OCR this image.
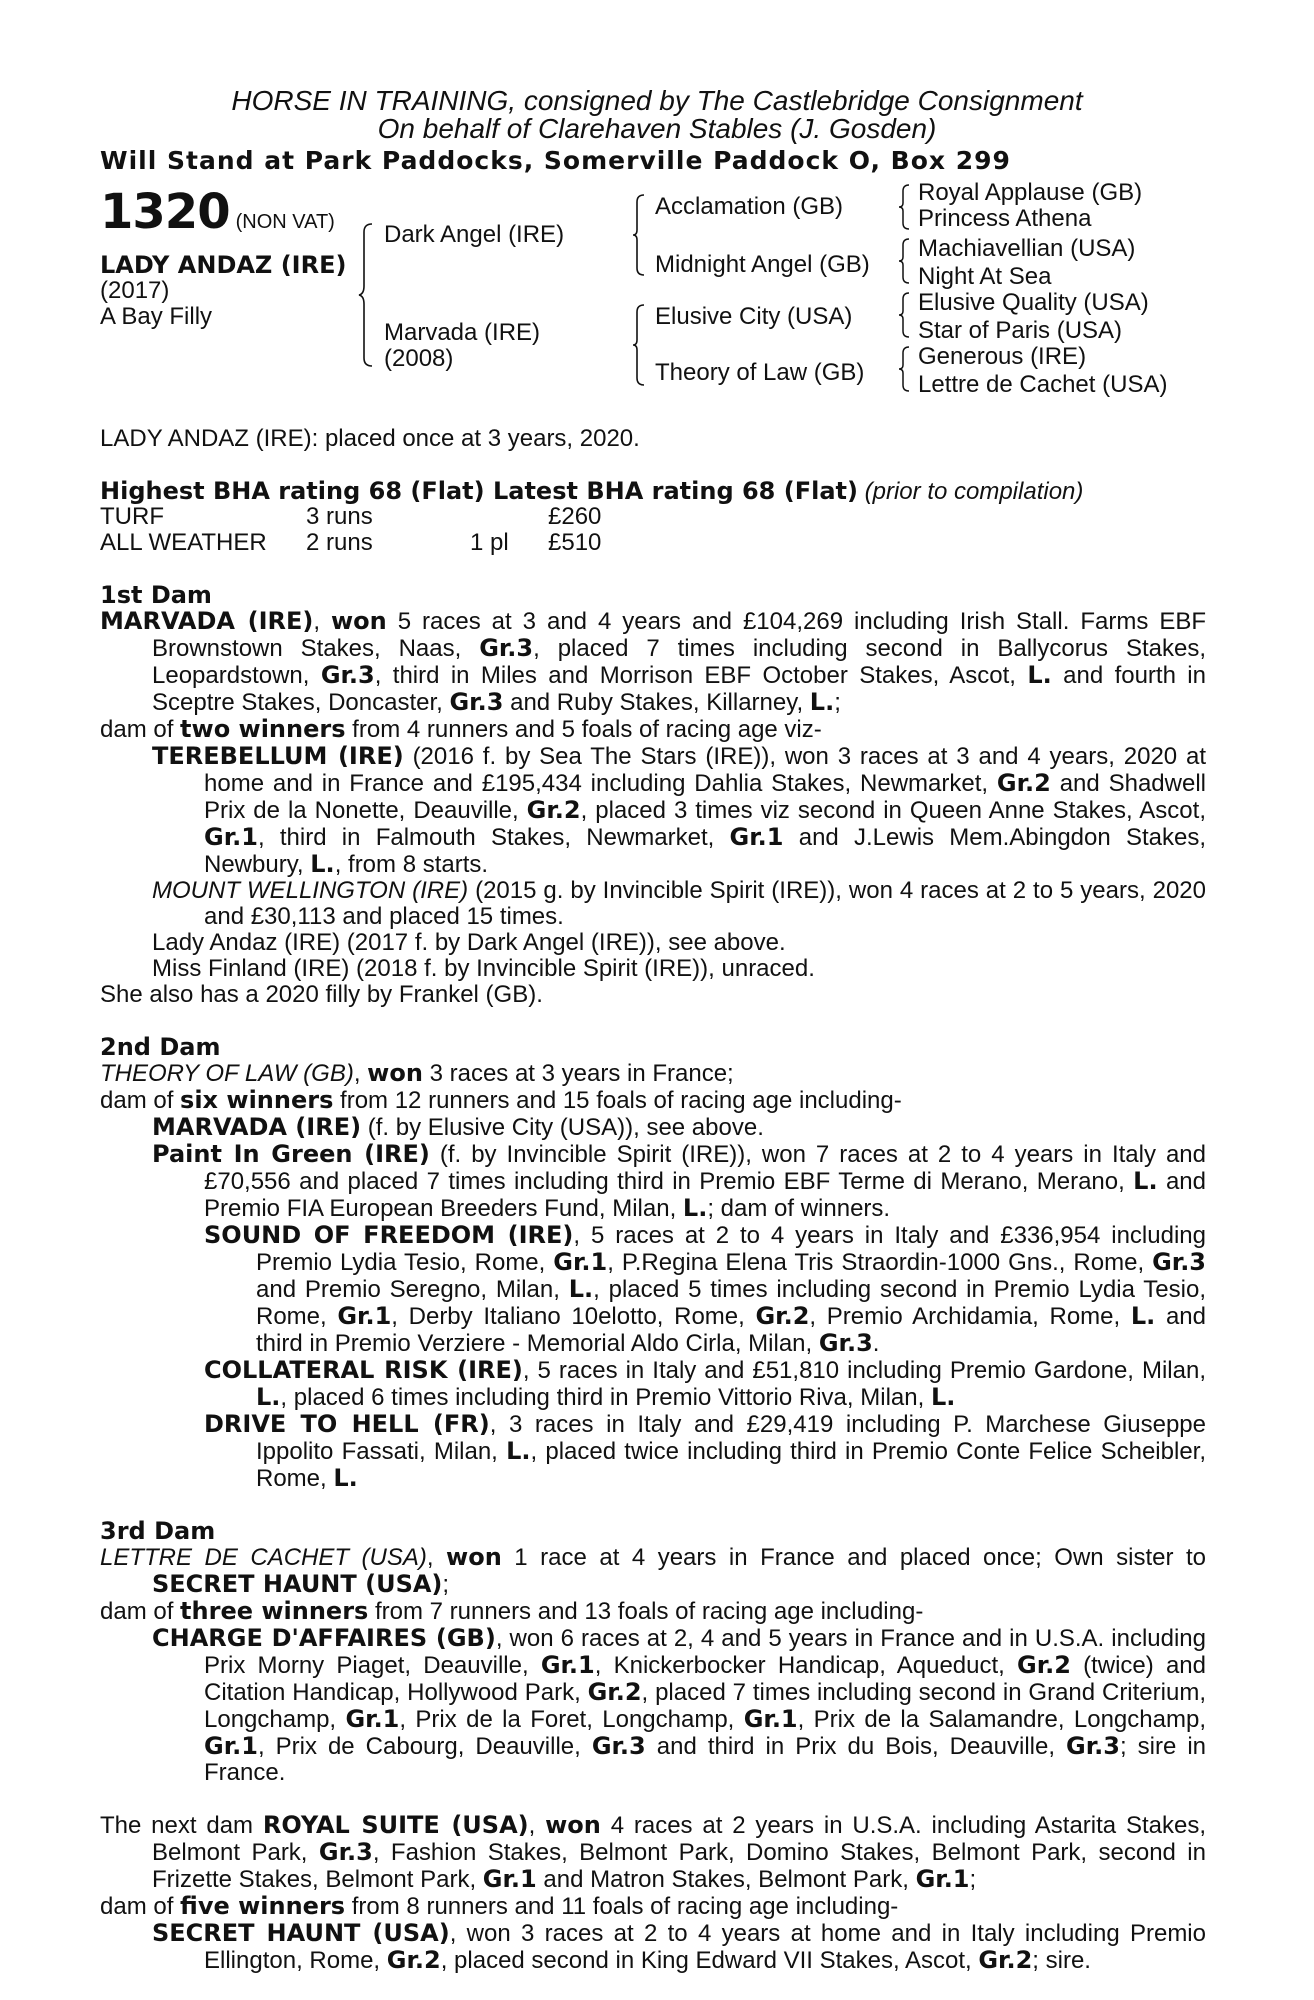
HORSE IN TRAINING, consigned by The Castlebridge Consignment
On behalf of Clarehaven Stables (J. Gosden)
Will Stand at Park Paddocks, Somerville Paddock O, Box 299
1320 (NON VAT)
LADY ANDAZ (IRE)
(2017)
A Bay Filly
Dark Angel (IRE)
Marvada (IRE)
(2008)
Acclamation (GB)
Midnight Angel (GB)
Elusive City (USA)
Theory of Law (GB)
Royal Applause (GB)
Princess Athena
Machiavellian (USA)
Night At Sea
Elusive Quality (USA)
Star of Paris (USA)
Generous (IRE)
Lettre de Cachet (USA)
LADY ANDAZ (IRE): placed once at 3 years, 2020.
Highest BHA rating 68 (Flat) Latest BHA rating 68 (Flat) (prior to compilation)
TURF	3 runs		£260
ALL WEATHER	2 runs	1 pl	£510
1st Dam
MARVADA (IRE), won 5 races at 3 and 4 years and £104,269 including Irish Stall. Farms EBF Brownstown Stakes, Naas, Gr.3, placed 7 times including second in Ballycorus Stakes, Leopardstown, Gr.3, third in Miles and Morrison EBF October Stakes, Ascot, L. and fourth in Sceptre Stakes, Doncaster, Gr.3 and Ruby Stakes, Killarney, L.;
dam of two winners from 4 runners and 5 foals of racing age viz-
TEREBELLUM (IRE) (2016 f. by Sea The Stars (IRE)), won 3 races at 3 and 4 years, 2020 at home and in France and £195,434 including Dahlia Stakes, Newmarket, Gr.2 and Shadwell Prix de la Nonette, Deauville, Gr.2, placed 3 times viz second in Queen Anne Stakes, Ascot, Gr.1, third in Falmouth Stakes, Newmarket, Gr.1 and J.Lewis Mem.Abingdon Stakes, Newbury, L., from 8 starts.
MOUNT WELLINGTON (IRE) (2015 g. by Invincible Spirit (IRE)), won 4 races at 2 to 5 years, 2020 and £30,113 and placed 15 times.
Lady Andaz (IRE) (2017 f. by Dark Angel (IRE)), see above.
Miss Finland (IRE) (2018 f. by Invincible Spirit (IRE)), unraced.
She also has a 2020 filly by Frankel (GB).
2nd Dam
THEORY OF LAW (GB), won 3 races at 3 years in France;
dam of six winners from 12 runners and 15 foals of racing age including-
MARVADA (IRE) (f. by Elusive City (USA)), see above.
Paint In Green (IRE) (f. by Invincible Spirit (IRE)), won 7 races at 2 to 4 years in Italy and £70,556 and placed 7 times including third in Premio EBF Terme di Merano, Merano, L. and Premio FIA European Breeders Fund, Milan, L.; dam of winners.
SOUND OF FREEDOM (IRE), 5 races at 2 to 4 years in Italy and £336,954 including Premio Lydia Tesio, Rome, Gr.1, P.Regina Elena Tris Straordin-1000 Gns., Rome, Gr.3 and Premio Seregno, Milan, L., placed 5 times including second in Premio Lydia Tesio, Rome, Gr.1, Derby Italiano 10elotto, Rome, Gr.2, Premio Archidamia, Rome, L. and third in Premio Verziere - Memorial Aldo Cirla, Milan, Gr.3.
COLLATERAL RISK (IRE), 5 races in Italy and £51,810 including Premio Gardone, Milan, L., placed 6 times including third in Premio Vittorio Riva, Milan, L.
DRIVE TO HELL (FR), 3 races in Italy and £29,419 including P. Marchese Giuseppe Ippolito Fassati, Milan, L., placed twice including third in Premio Conte Felice Scheibler, Rome, L.
3rd Dam
LETTRE DE CACHET (USA), won 1 race at 4 years in France and placed once; Own sister to SECRET HAUNT (USA);
dam of three winners from 7 runners and 13 foals of racing age including-
CHARGE D'AFFAIRES (GB), won 6 races at 2, 4 and 5 years in France and in U.S.A. including Prix Morny Piaget, Deauville, Gr.1, Knickerbocker Handicap, Aqueduct, Gr.2 (twice) and Citation Handicap, Hollywood Park, Gr.2, placed 7 times including second in Grand Criterium, Longchamp, Gr.1, Prix de la Foret, Longchamp, Gr.1, Prix de la Salamandre, Longchamp, Gr.1, Prix de Cabourg, Deauville, Gr.3 and third in Prix du Bois, Deauville, Gr.3; sire in France.
The next dam ROYAL SUITE (USA), won 4 races at 2 years in U.S.A. including Astarita Stakes, Belmont Park, Gr.3, Fashion Stakes, Belmont Park, Domino Stakes, Belmont Park, second in Frizette Stakes, Belmont Park, Gr.1 and Matron Stakes, Belmont Park, Gr.1;
dam of five winners from 8 runners and 11 foals of racing age including-
SECRET HAUNT (USA), won 3 races at 2 to 4 years at home and in Italy including Premio Ellington, Rome, Gr.2, placed second in King Edward VII Stakes, Ascot, Gr.2; sire.
